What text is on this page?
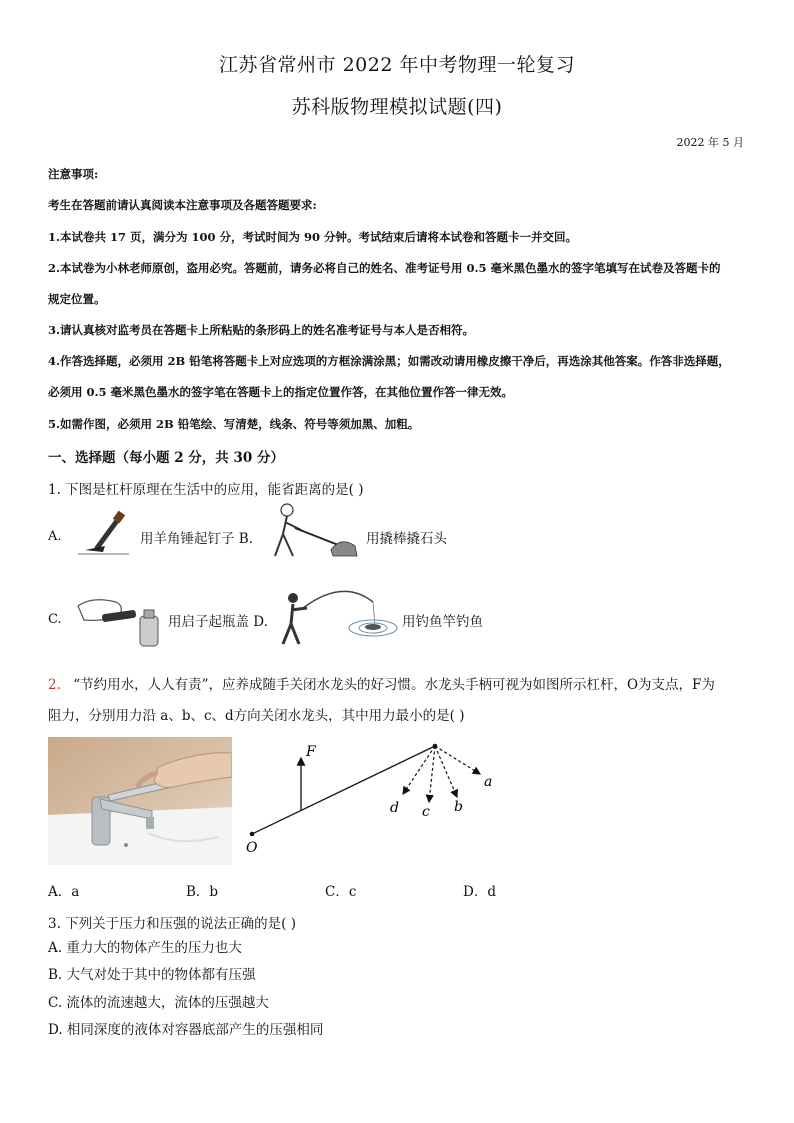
江苏省常州市 2022 年中考物理一轮复习
苏科版物理模拟试题(四)
2022 年 5 月
注意事项:
考生在答题前请认真阅读本注意事项及各题答题要求:
1.本试卷共 17 页，满分为 100 分，考试时间为 90 分钟。考试结束后请将本试卷和答题卡一并交回。
2.本试卷为小林老师原创，盗用必究。答题前，请务必将自己的姓名、准考证号用 0.5 毫米黑色墨水的签字笔填写在试卷及答题卡的
规定位置。
3.请认真核对监考员在答题卡上所粘贴的条形码上的姓名准考证号与本人是否相符。
4.作答选择题，必须用 2B 铅笔将答题卡上对应选项的方框涂满涂黑；如需改动请用橡皮擦干净后，再选涂其他答案。作答非选择题，
必须用 0.5 毫米黑色墨水的签字笔在答题卡上的指定位置作答，在其他位置作答一律无效。
5.如需作图，必须用 2B 铅笔绘、写清楚，线条、符号等须加黑、加粗。
一、选择题（每小题 2 分，共 30 分）
1. 下图是杠杆原理在生活中的应用，能省距离的是( )
A.	用羊角锤起钉子 B.	用撬棒撬石头
C.	用启子起瓶盖 D.	用钓鱼竿钓鱼
2. “节约用水，人人有责”，应养成随手关闭水龙头的好习惯。水龙头手柄可视为如图所示杠杆，O为支点，F为
阻力，分别用力沿 a、b、c、d方向关闭水龙头，其中用力最小的是( )
F
O
a
b
c
d
A．a	B．b	C．c	D．d
3. 下列关于压力和压强的说法正确的是( )
A. 重力大的物体产生的压力也大
B. 大气对处于其中的物体都有压强
C. 流体的流速越大，流体的压强越大
D. 相同深度的液体对容器底部产生的压强相同
